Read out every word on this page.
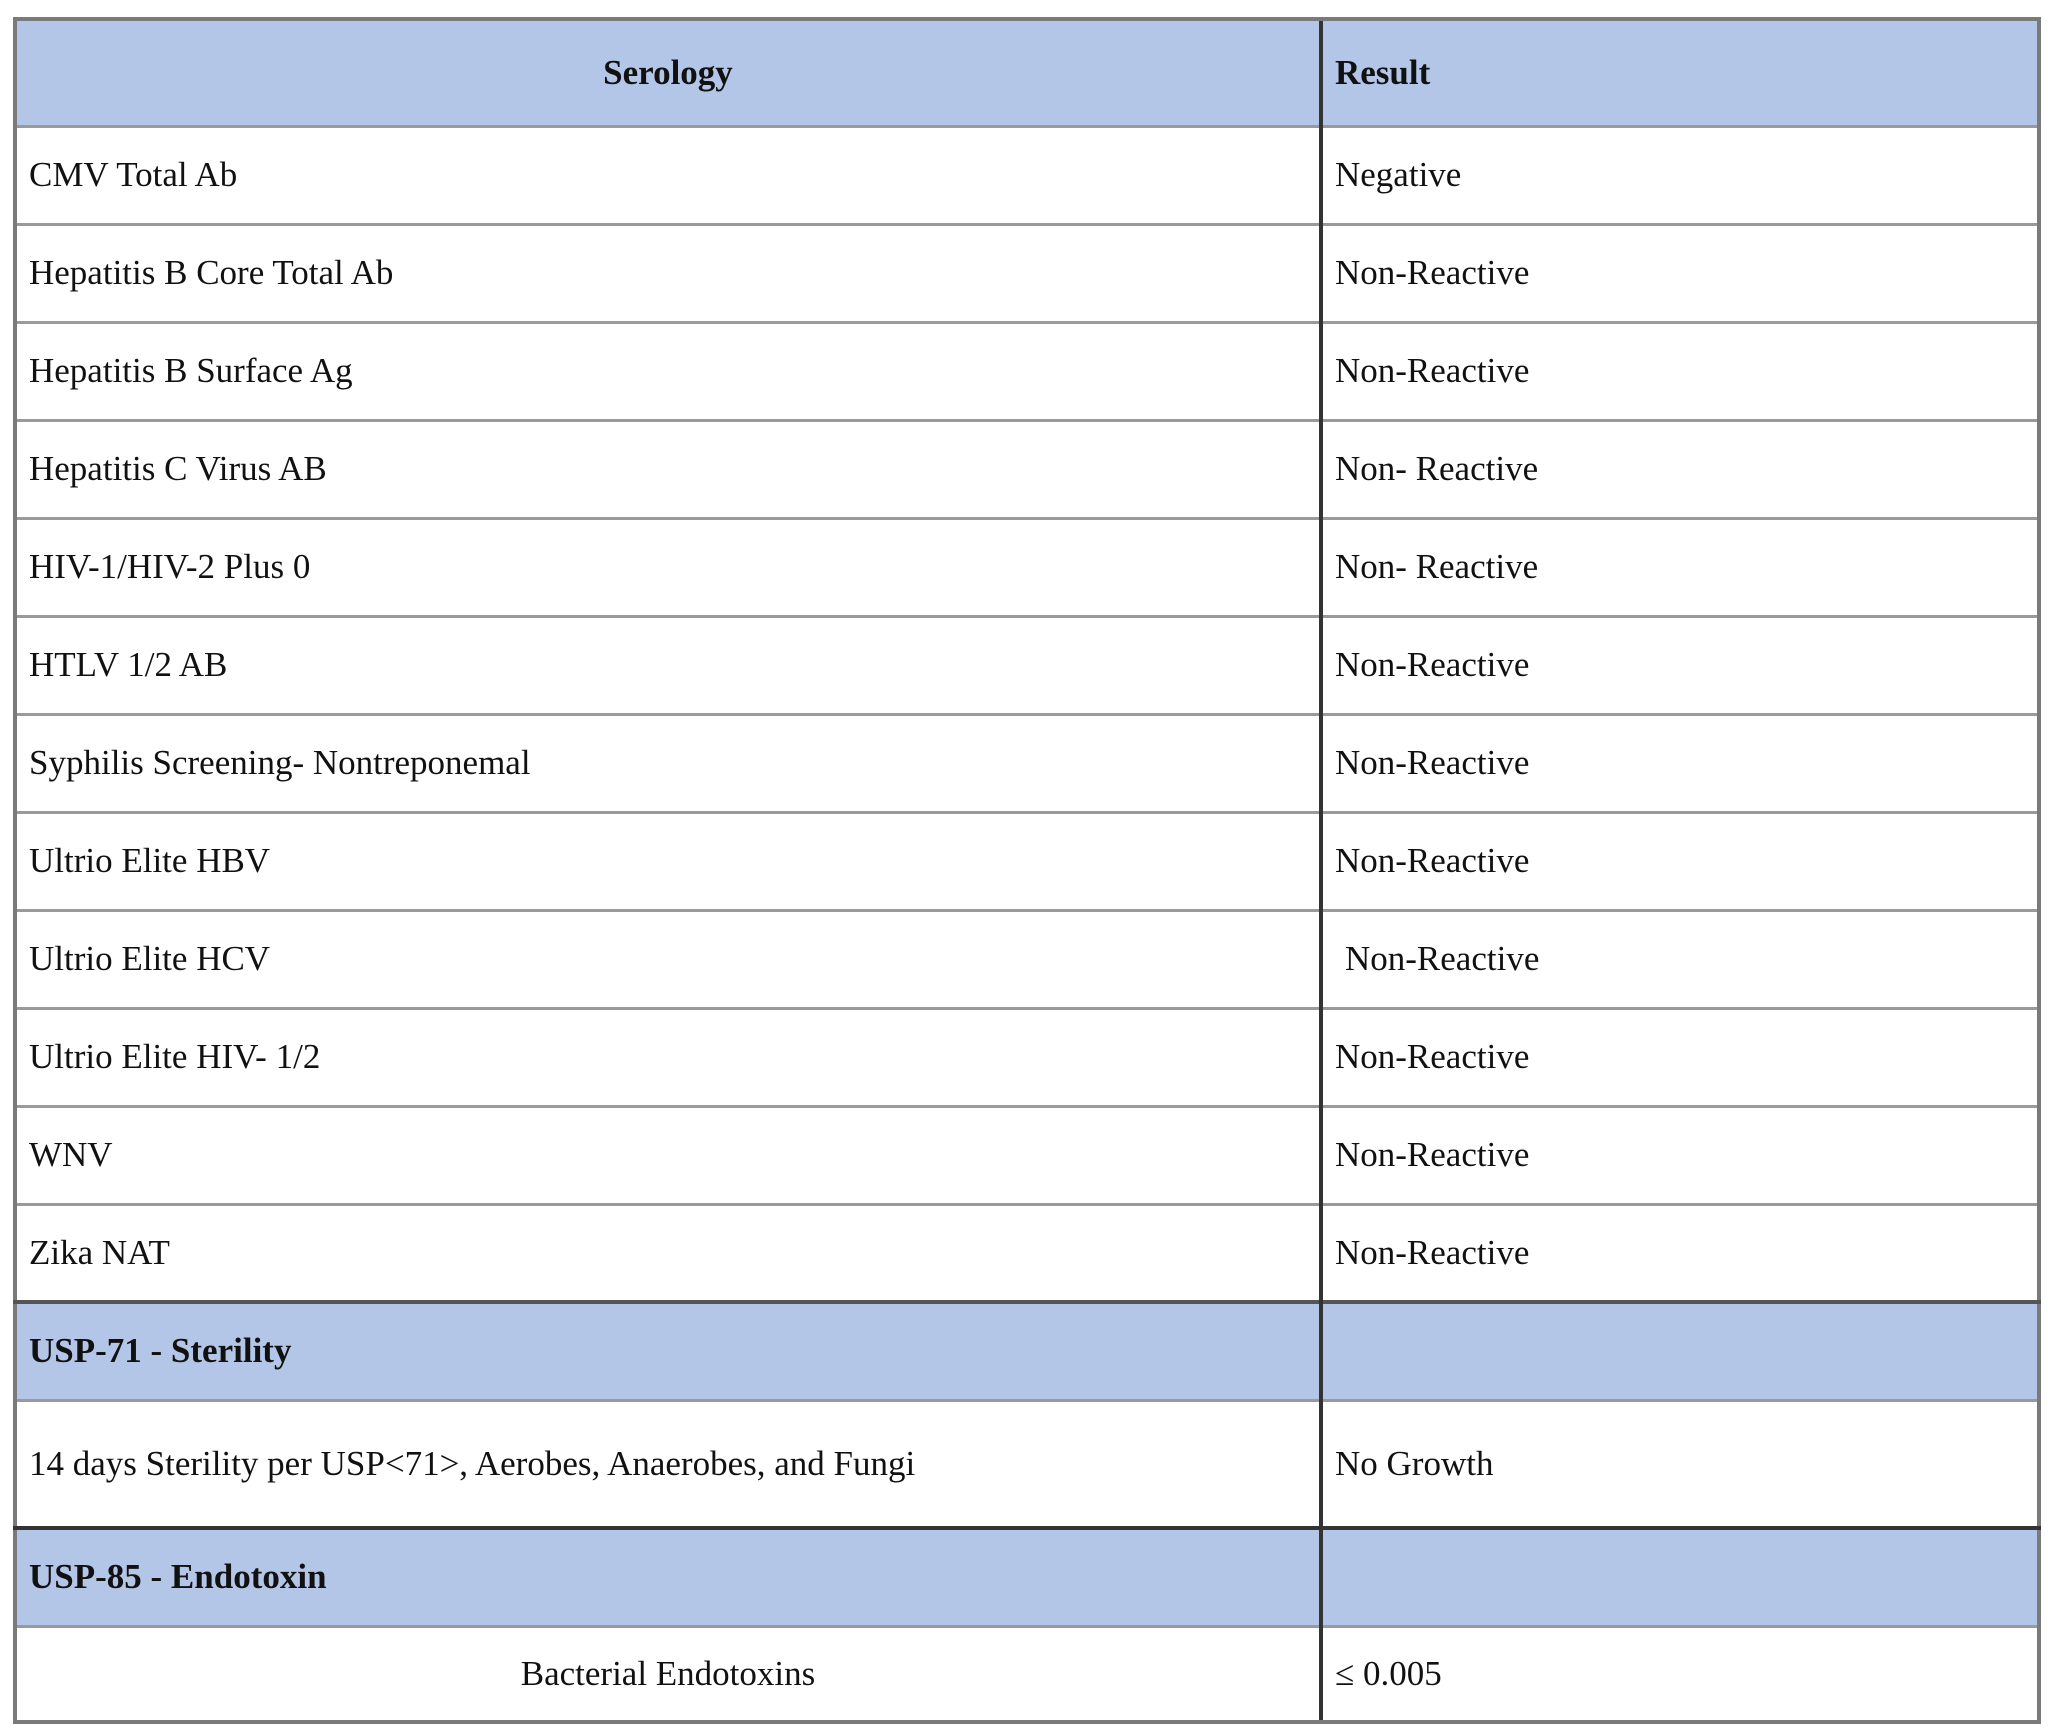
Serology	Result
CMV Total Ab	Negative
Hepatitis B Core Total Ab	Non-Reactive
Hepatitis B Surface Ag	Non-Reactive
Hepatitis C Virus AB	Non- Reactive
HIV-1/HIV-2 Plus 0	Non- Reactive
HTLV 1/2 AB	Non-Reactive
Syphilis Screening- Nontreponemal	Non-Reactive
Ultrio Elite HBV	Non-Reactive
Ultrio Elite HCV	Non-Reactive
Ultrio Elite HIV- 1/2	Non-Reactive
WNV	Non-Reactive
Zika NAT	Non-Reactive
USP-71 - Sterility	
14 days Sterility per USP<71>, Aerobes, Anaerobes, and Fungi	No Growth
USP-85 - Endotoxin	
Bacterial Endotoxins	≤ 0.005
